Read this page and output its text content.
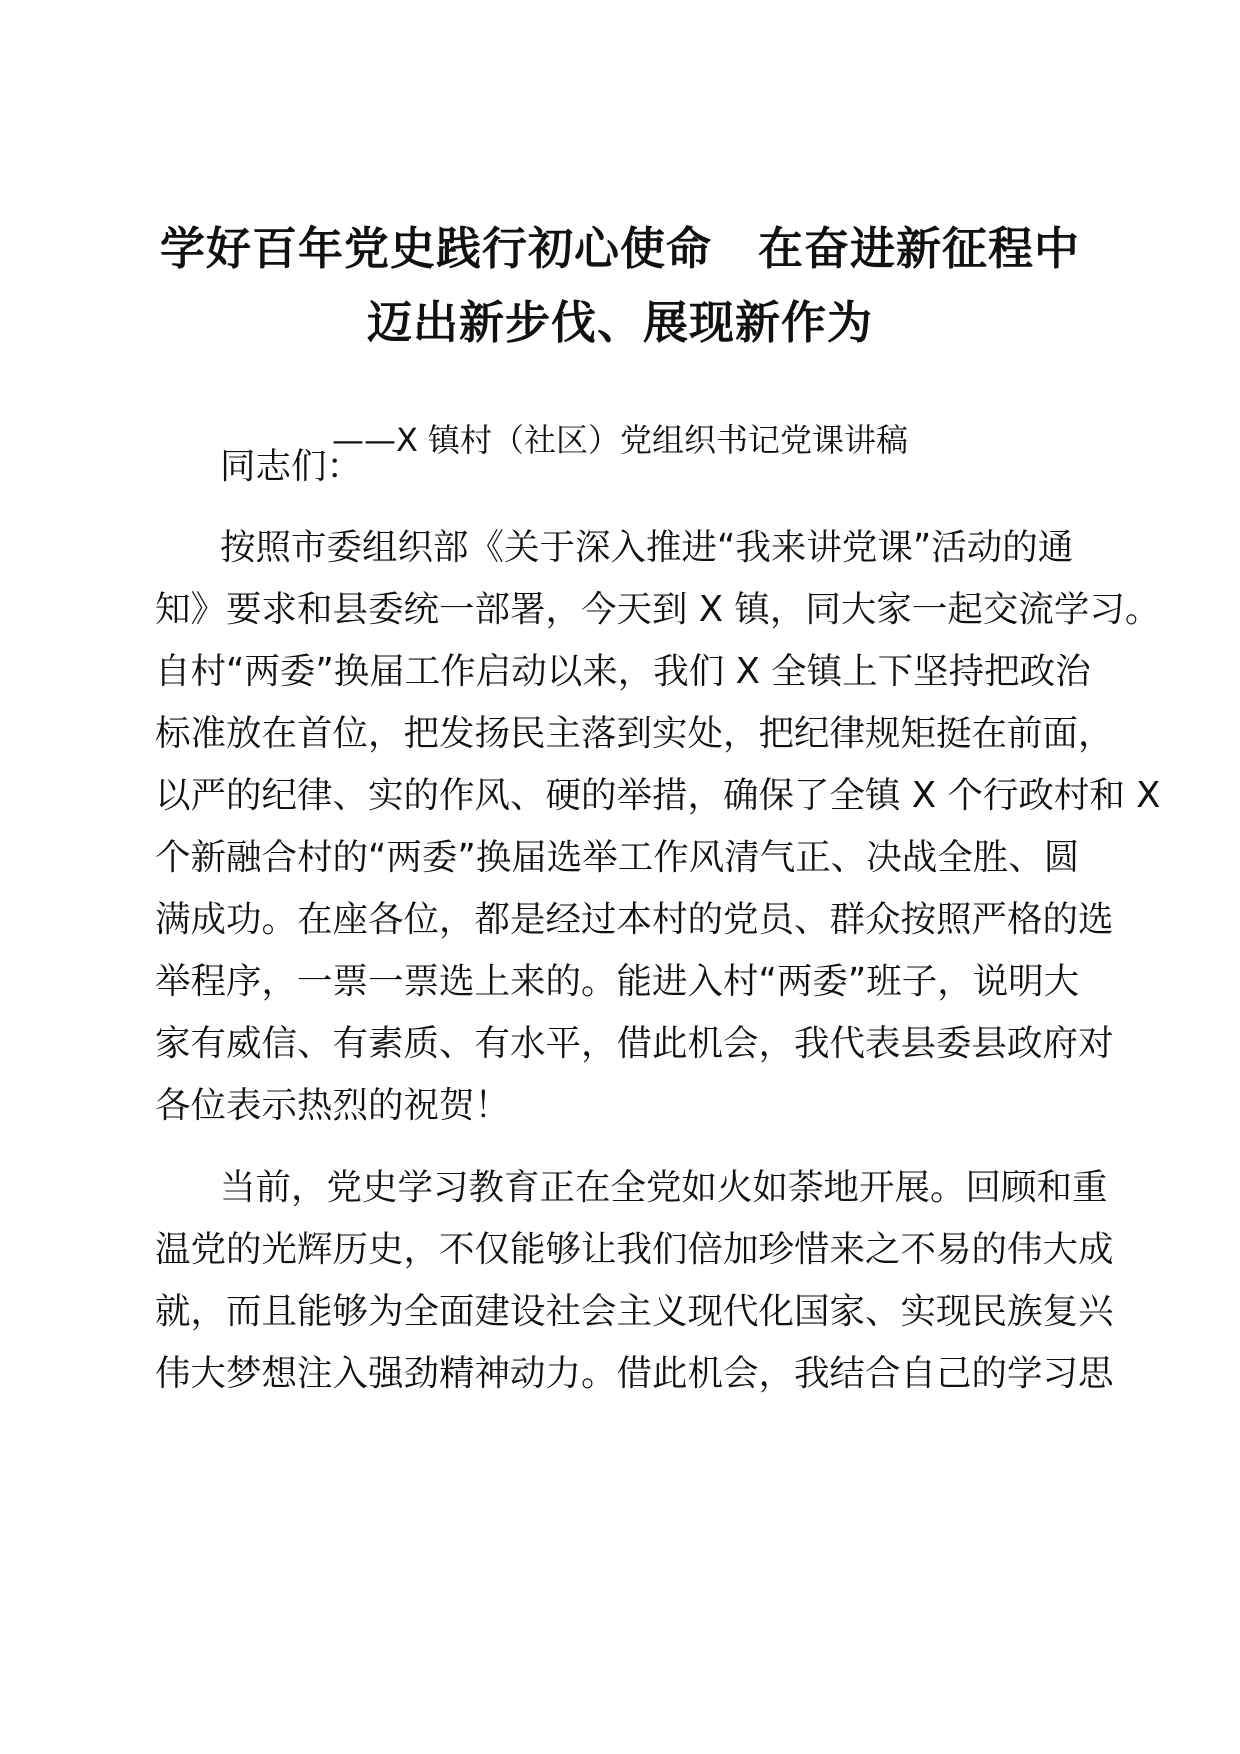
学好百年党史践行初心使命　在奋进新征程中
迈出新步伐、展现新作为
——X 镇村（社区）党组织书记党课讲稿
同志们：
按照市委组织部《关于深入推进“我来讲党课”活动的通
知》要求和县委统一部署，今天到 X 镇，同大家一起交流学习。
自村“两委”换届工作启动以来，我们 X 全镇上下坚持把政治
标准放在首位，把发扬民主落到实处，把纪律规矩挺在前面，
以严的纪律、实的作风、硬的举措，确保了全镇 X 个行政村和 X
个新融合村的“两委”换届选举工作风清气正、决战全胜、圆
满成功。在座各位，都是经过本村的党员、群众按照严格的选
举程序，一票一票选上来的。能进入村“两委”班子，说明大
家有威信、有素质、有水平，借此机会，我代表县委县政府对
各位表示热烈的祝贺！
当前，党史学习教育正在全党如火如荼地开展。回顾和重
温党的光辉历史，不仅能够让我们倍加珍惜来之不易的伟大成
就，而且能够为全面建设社会主义现代化国家、实现民族复兴
伟大梦想注入强劲精神动力。借此机会，我结合自己的学习思
